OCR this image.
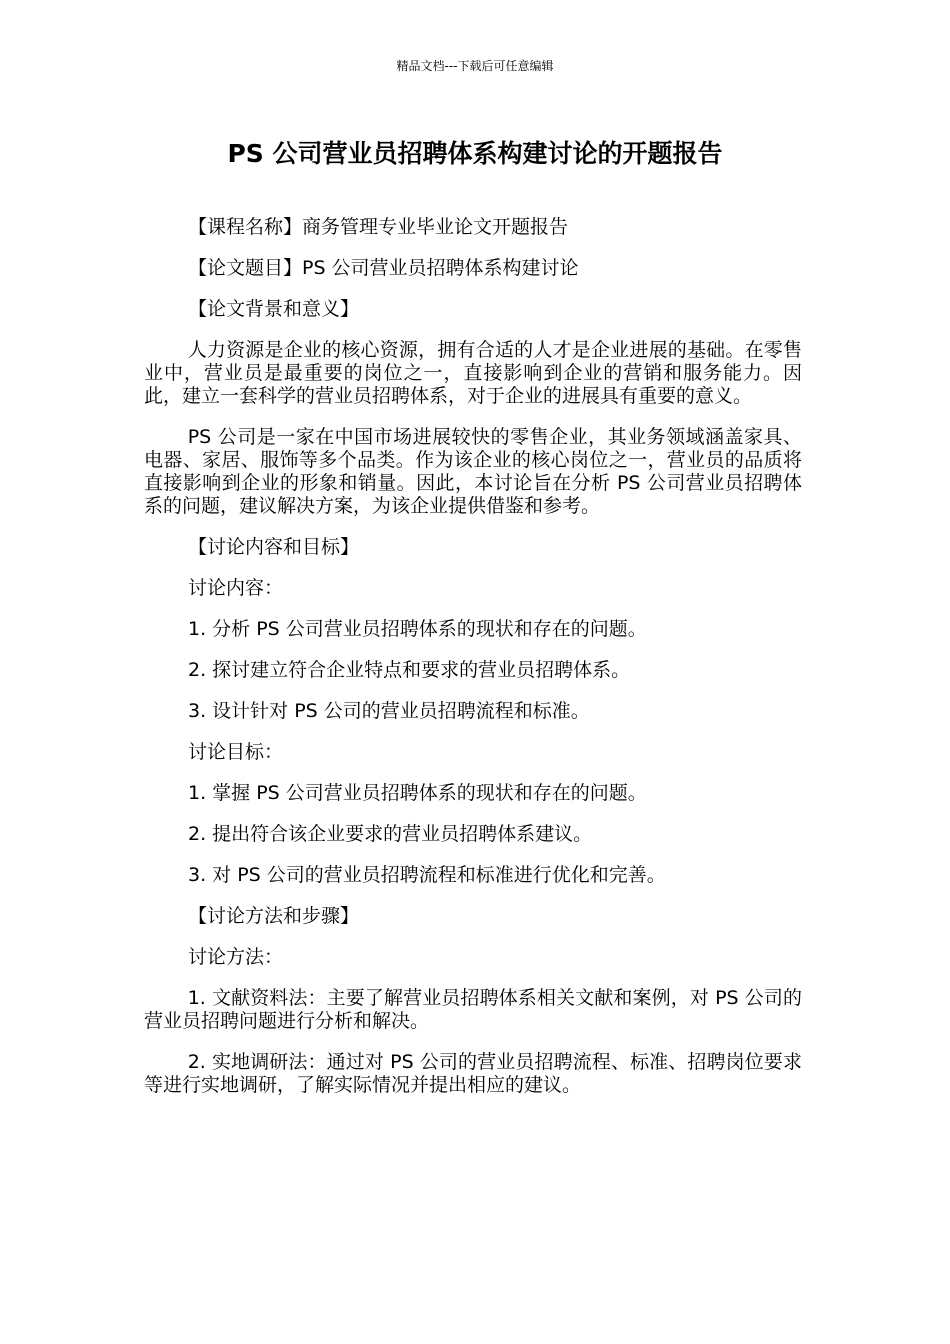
精品文档---下载后可任意编辑
PS 公司营业员招聘体系构建讨论的开题报告
【课程名称】商务管理专业毕业论文开题报告
【论文题目】PS 公司营业员招聘体系构建讨论
【论文背景和意义】

人力资源是企业的核心资源，拥有合适的人才是企业进展的基础。在零售业中，营业员是最重要的岗位之一，直接影响到企业的营销和服务能力。因此，建立一套科学的营业员招聘体系，对于企业的进展具有重要的意义。

PS 公司是一家在中国市场进展较快的零售企业，其业务领域涵盖家具、电器、家居、服饰等多个品类。作为该企业的核心岗位之一，营业员的品质将直接影响到企业的形象和销量。因此，本讨论旨在分析 PS 公司营业员招聘体系的问题，建议解决方案，为该企业提供借鉴和参考。

【讨论内容和目标】
讨论内容：
1. 分析 PS 公司营业员招聘体系的现状和存在的问题。
2. 探讨建立符合企业特点和要求的营业员招聘体系。
3. 设计针对 PS 公司的营业员招聘流程和标准。
讨论目标：
1. 掌握 PS 公司营业员招聘体系的现状和存在的问题。
2. 提出符合该企业要求的营业员招聘体系建议。
3. 对 PS 公司的营业员招聘流程和标准进行优化和完善。
【讨论方法和步骤】
讨论方法：

1. 文献资料法：主要了解营业员招聘体系相关文献和案例，对 PS 公司的营业员招聘问题进行分析和解决。

2. 实地调研法：通过对 PS 公司的营业员招聘流程、标准、招聘岗位要求等进行实地调研，了解实际情况并提出相应的建议。
